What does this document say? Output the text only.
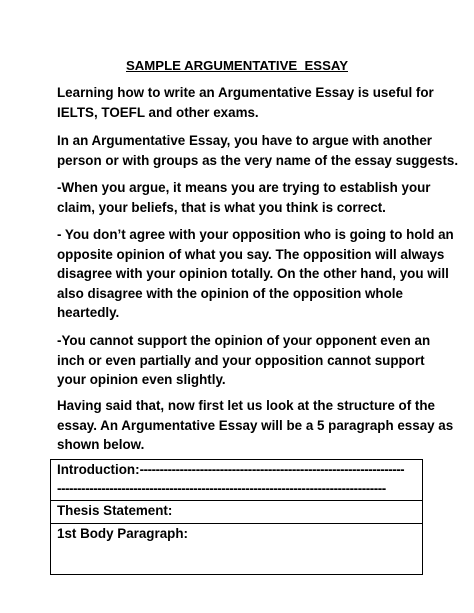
SAMPLE ARGUMENTATIVE  ESSAY

Learning how to write an Argumentative Essay is useful for
IELTS, TOEFL and other exams.

In an Argumentative Essay, you have to argue with another
person or with groups as the very name of the essay suggests.

-When you argue, it means you are trying to establish your
claim, your beliefs, that is what you think is correct.

- You don’t agree with your opposition who is going to hold an
opposite opinion of what you say. The opposition will always
disagree with your opinion totally. On the other hand, you will
also disagree with the opinion of the opposition whole
heartedly.

-You cannot support the opinion of your opponent even an
inch or even partially and your opposition cannot support
your opinion even slightly.

Having said that, now first let us look at the structure of the
essay. An Argumentative Essay will be a 5 paragraph essay as
shown below.

Introduction:------------------------------------------------------------------
----------------------------------------------------------------------------------
Thesis Statement:
1st Body Paragraph:
